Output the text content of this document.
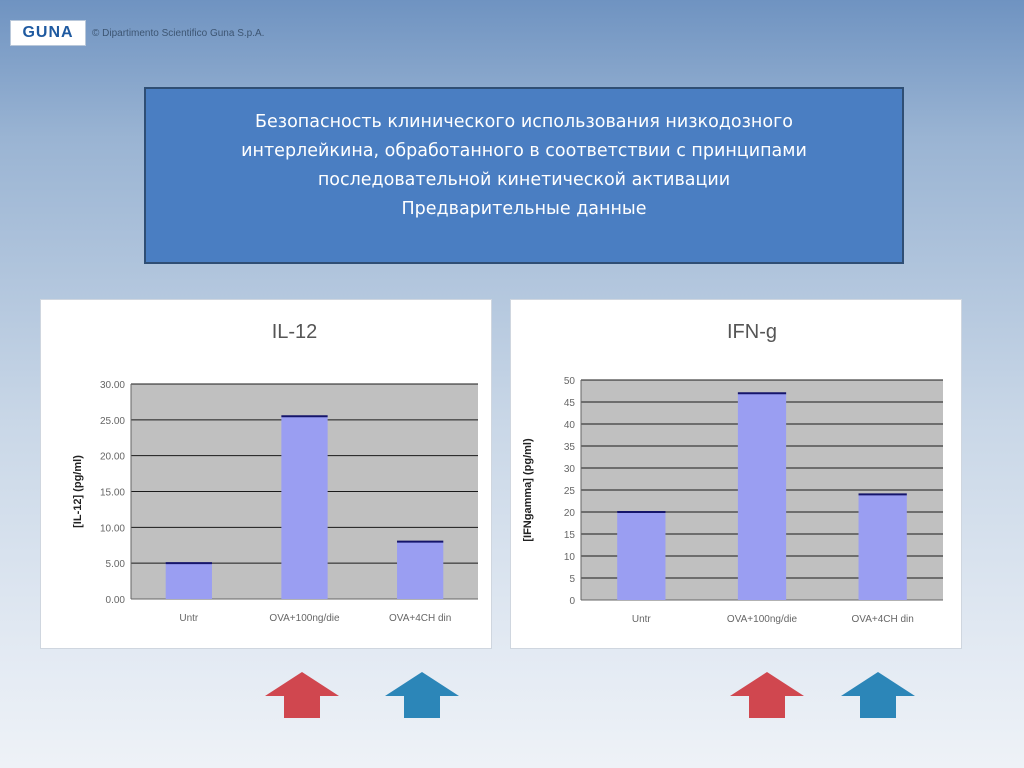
GUNA © Dipartimento Scientifico Guna S.p.A.
Безопасность клинического использования низкодозного
интерлейкина, обработанного в соответствии с принципами
последовательной кинетической активации
Предварительные данные
IL-12
0.00
5.00
10.00
15.00
20.00
25.00
30.00
[IL-12] (pg/ml)
Untr	OVA+100ng/die	OVA+4CH din
IFN-g
0
5
10
15
20
25
30
35
40
45
50
[IFNgamma] (pg/ml)
Untr	OVA+100ng/die	OVA+4CH din
